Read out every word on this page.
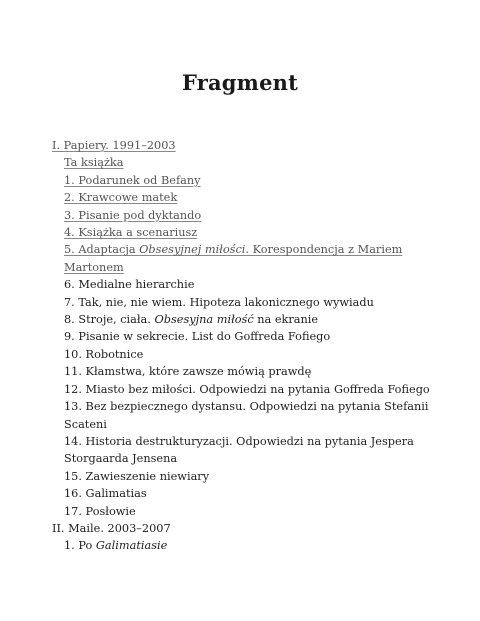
Fragment
I. Papiery. 1991–2003
Ta książka
1. Podarunek od Befany
2. Krawcowe matek
3. Pisanie pod dyktando
4. Książka a scenariusz
5. Adaptacja Obsesyjnej miłości. Korespondencja z Mariem Martonem
6. Medialne hierarchie
7. Tak, nie, nie wiem. Hipoteza lakonicznego wywiadu
8. Stroje, ciała. Obsesyjna miłość na ekranie
9. Pisanie w sekrecie. List do Goffreda Fofiego
10. Robotnice
11. Kłamstwa, które zawsze mówią prawdę
12. Miasto bez miłości. Odpowiedzi na pytania Goffreda Fofiego
13. Bez bezpiecznego dystansu. Odpowiedzi na pytania Stefanii Scateni
14. Historia destrukturyzacji. Odpowiedzi na pytania Jespera Storgaarda Jensena
15. Zawieszenie niewiary
16. Galimatias
17. Posłowie
II. Maile. 2003–2007
1. Po Galimatiasie
